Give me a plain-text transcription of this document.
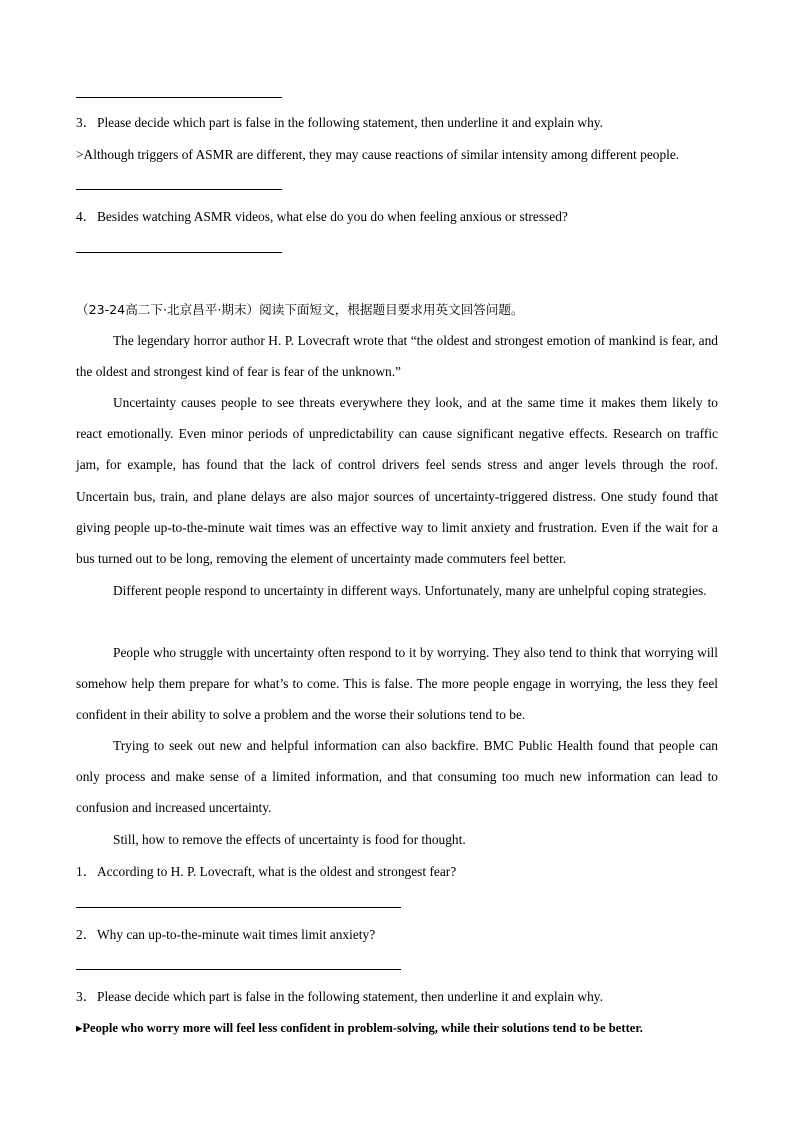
3．Please decide which part is false in the following statement, then underline it and explain why.
>Although triggers of ASMR are different, they may cause reactions of similar intensity among different people.
4．Besides watching ASMR videos, what else do you do when feeling anxious or stressed?
（23-24高二下·北京昌平·期末）阅读下面短文，根据题目要求用英文回答问题。
The legendary horror author H. P. Lovecraft wrote that “the oldest and strongest emotion of mankind is fear, and the oldest and strongest kind of fear is fear of the unknown.”
Uncertainty causes people to see threats everywhere they look, and at the same time it makes them likely to react emotionally. Even minor periods of unpredictability can cause significant negative effects. Research on traffic jam, for example, has found that the lack of control drivers feel sends stress and anger levels through the roof. Uncertain bus, train, and plane delays are also major sources of uncertainty-triggered distress. One study found that giving people up-to-the-minute wait times was an effective way to limit anxiety and frustration. Even if the wait for a bus turned out to be long, removing the element of uncertainty made commuters feel better.
Different people respond to uncertainty in different ways. Unfortunately, many are unhelpful coping strategies.
People who struggle with uncertainty often respond to it by worrying. They also tend to think that worrying will somehow help them prepare for what’s to come. This is false. The more people engage in worrying, the less they feel confident in their ability to solve a problem and the worse their solutions tend to be.
Trying to seek out new and helpful information can also backfire. BMC Public Health found that people can only process and make sense of a limited information, and that consuming too much new information can lead to confusion and increased uncertainty.
Still, how to remove the effects of uncertainty is food for thought.
1．According to H. P. Lovecraft, what is the oldest and strongest fear?
2．Why can up-to-the-minute wait times limit anxiety?
3．Please decide which part is false in the following statement, then underline it and explain why.
▸People who worry more will feel less confident in problem-solving, while their solutions tend to be better.
